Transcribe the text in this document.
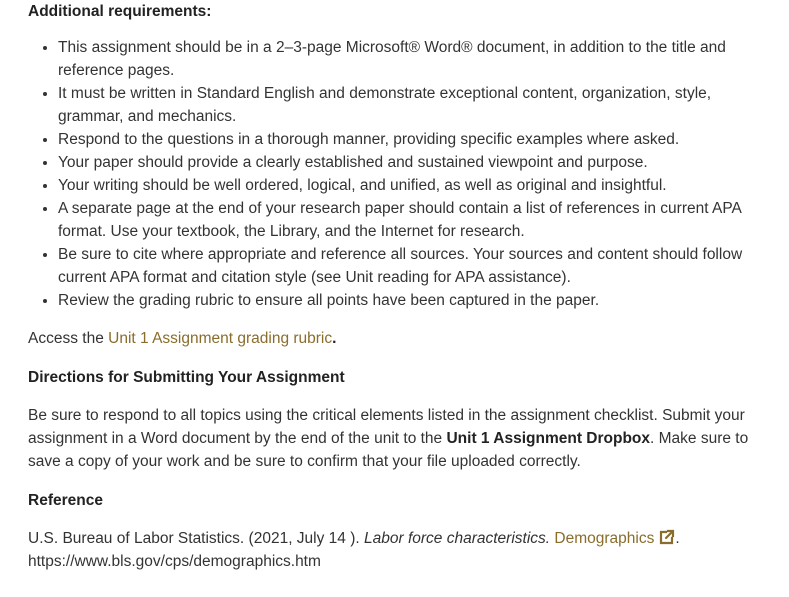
Additional requirements:
• This assignment should be in a 2–3-page Microsoft® Word® document, in addition to the title and reference pages.
• It must be written in Standard English and demonstrate exceptional content, organization, style, grammar, and mechanics.
• Respond to the questions in a thorough manner, providing specific examples where asked.
• Your paper should provide a clearly established and sustained viewpoint and purpose.
• Your writing should be well ordered, logical, and unified, as well as original and insightful.
• A separate page at the end of your research paper should contain a list of references in current APA format. Use your textbook, the Library, and the Internet for research.
• Be sure to cite where appropriate and reference all sources. Your sources and content should follow current APA format and citation style (see Unit reading for APA assistance).
• Review the grading rubric to ensure all points have been captured in the paper.

Access the Unit 1 Assignment grading rubric.

Directions for Submitting Your Assignment

Be sure to respond to all topics using the critical elements listed in the assignment checklist. Submit your assignment in a Word document by the end of the unit to the Unit 1 Assignment Dropbox. Make sure to save a copy of your work and be sure to confirm that your file uploaded correctly.

Reference

U.S. Bureau of Labor Statistics. (2021, July 14 ). Labor force characteristics. Demographics .
https://www.bls.gov/cps/demographics.htm
